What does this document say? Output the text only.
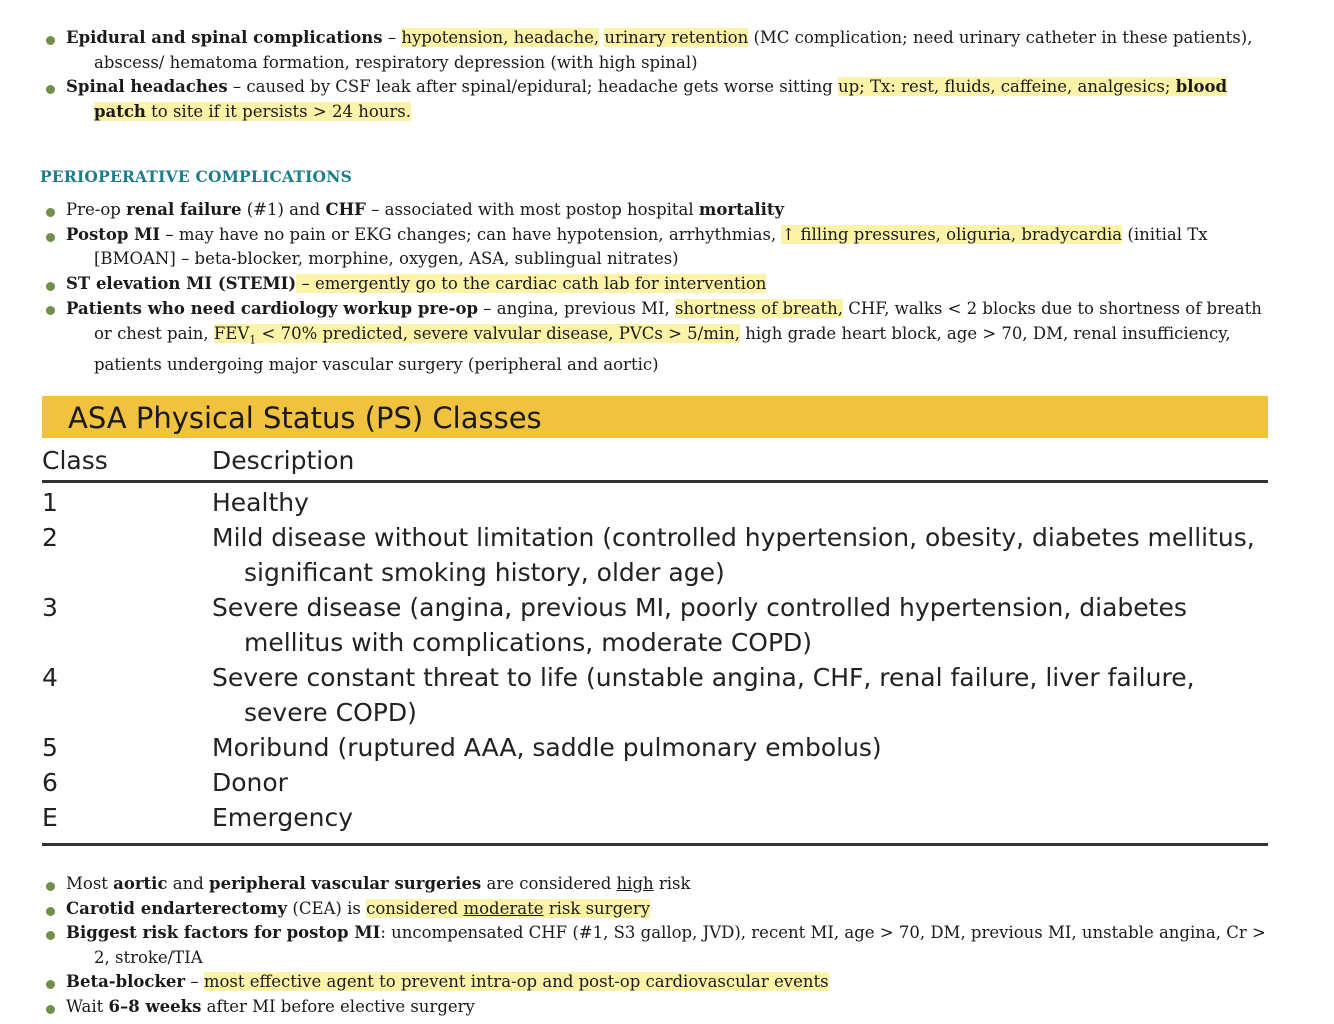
Epidural and spinal complications – hypotension, headache, urinary retention (MC complication; need urinary catheter in these patients), abscess/ hematoma formation, respiratory depression (with high spinal)
Spinal headaches – caused by CSF leak after spinal/epidural; headache gets worse sitting up; Tx: rest, fluids, caffeine, analgesics; blood patch to site if it persists > 24 hours.
PERIOPERATIVE COMPLICATIONS
Pre-op renal failure (#1) and CHF – associated with most postop hospital mortality
Postop MI – may have no pain or EKG changes; can have hypotension, arrhythmias, ↑ filling pressures, oliguria, bradycardia (initial Tx [BMOAN] – beta-blocker, morphine, oxygen, ASA, sublingual nitrates)
ST elevation MI (STEMI) – emergently go to the cardiac cath lab for intervention
Patients who need cardiology workup pre-op – angina, previous MI, shortness of breath, CHF, walks < 2 blocks due to shortness of breath or chest pain, $FEV_1 < 70\%$ predicted, severe valvular disease, PVCs > 5/min, high grade heart block, age > 70, DM, renal insufficiency, patients undergoing major vascular surgery (peripheral and aortic)
ASA Physical Status (PS) Classes
Class	Description
1	Healthy
2	Mild disease without limitation (controlled hypertension, obesity, diabetes mellitus, significant smoking history, older age)
3	Severe disease (angina, previous MI, poorly controlled hypertension, diabetes mellitus with complications, moderate COPD)
4	Severe constant threat to life (unstable angina, CHF, renal failure, liver failure, severe COPD)
5	Moribund (ruptured AAA, saddle pulmonary embolus)
6	Donor
E	Emergency
Most aortic and peripheral vascular surgeries are considered high risk
Carotid endarterectomy (CEA) is considered moderate risk surgery
Biggest risk factors for postop MI: uncompensated CHF (#1, S3 gallop, JVD), recent MI, age > 70, DM, previous MI, unstable angina, Cr > 2, stroke/TIA
Beta-blocker – most effective agent to prevent intra-op and post-op cardiovascular events
Wait 6–8 weeks after MI before elective surgery
